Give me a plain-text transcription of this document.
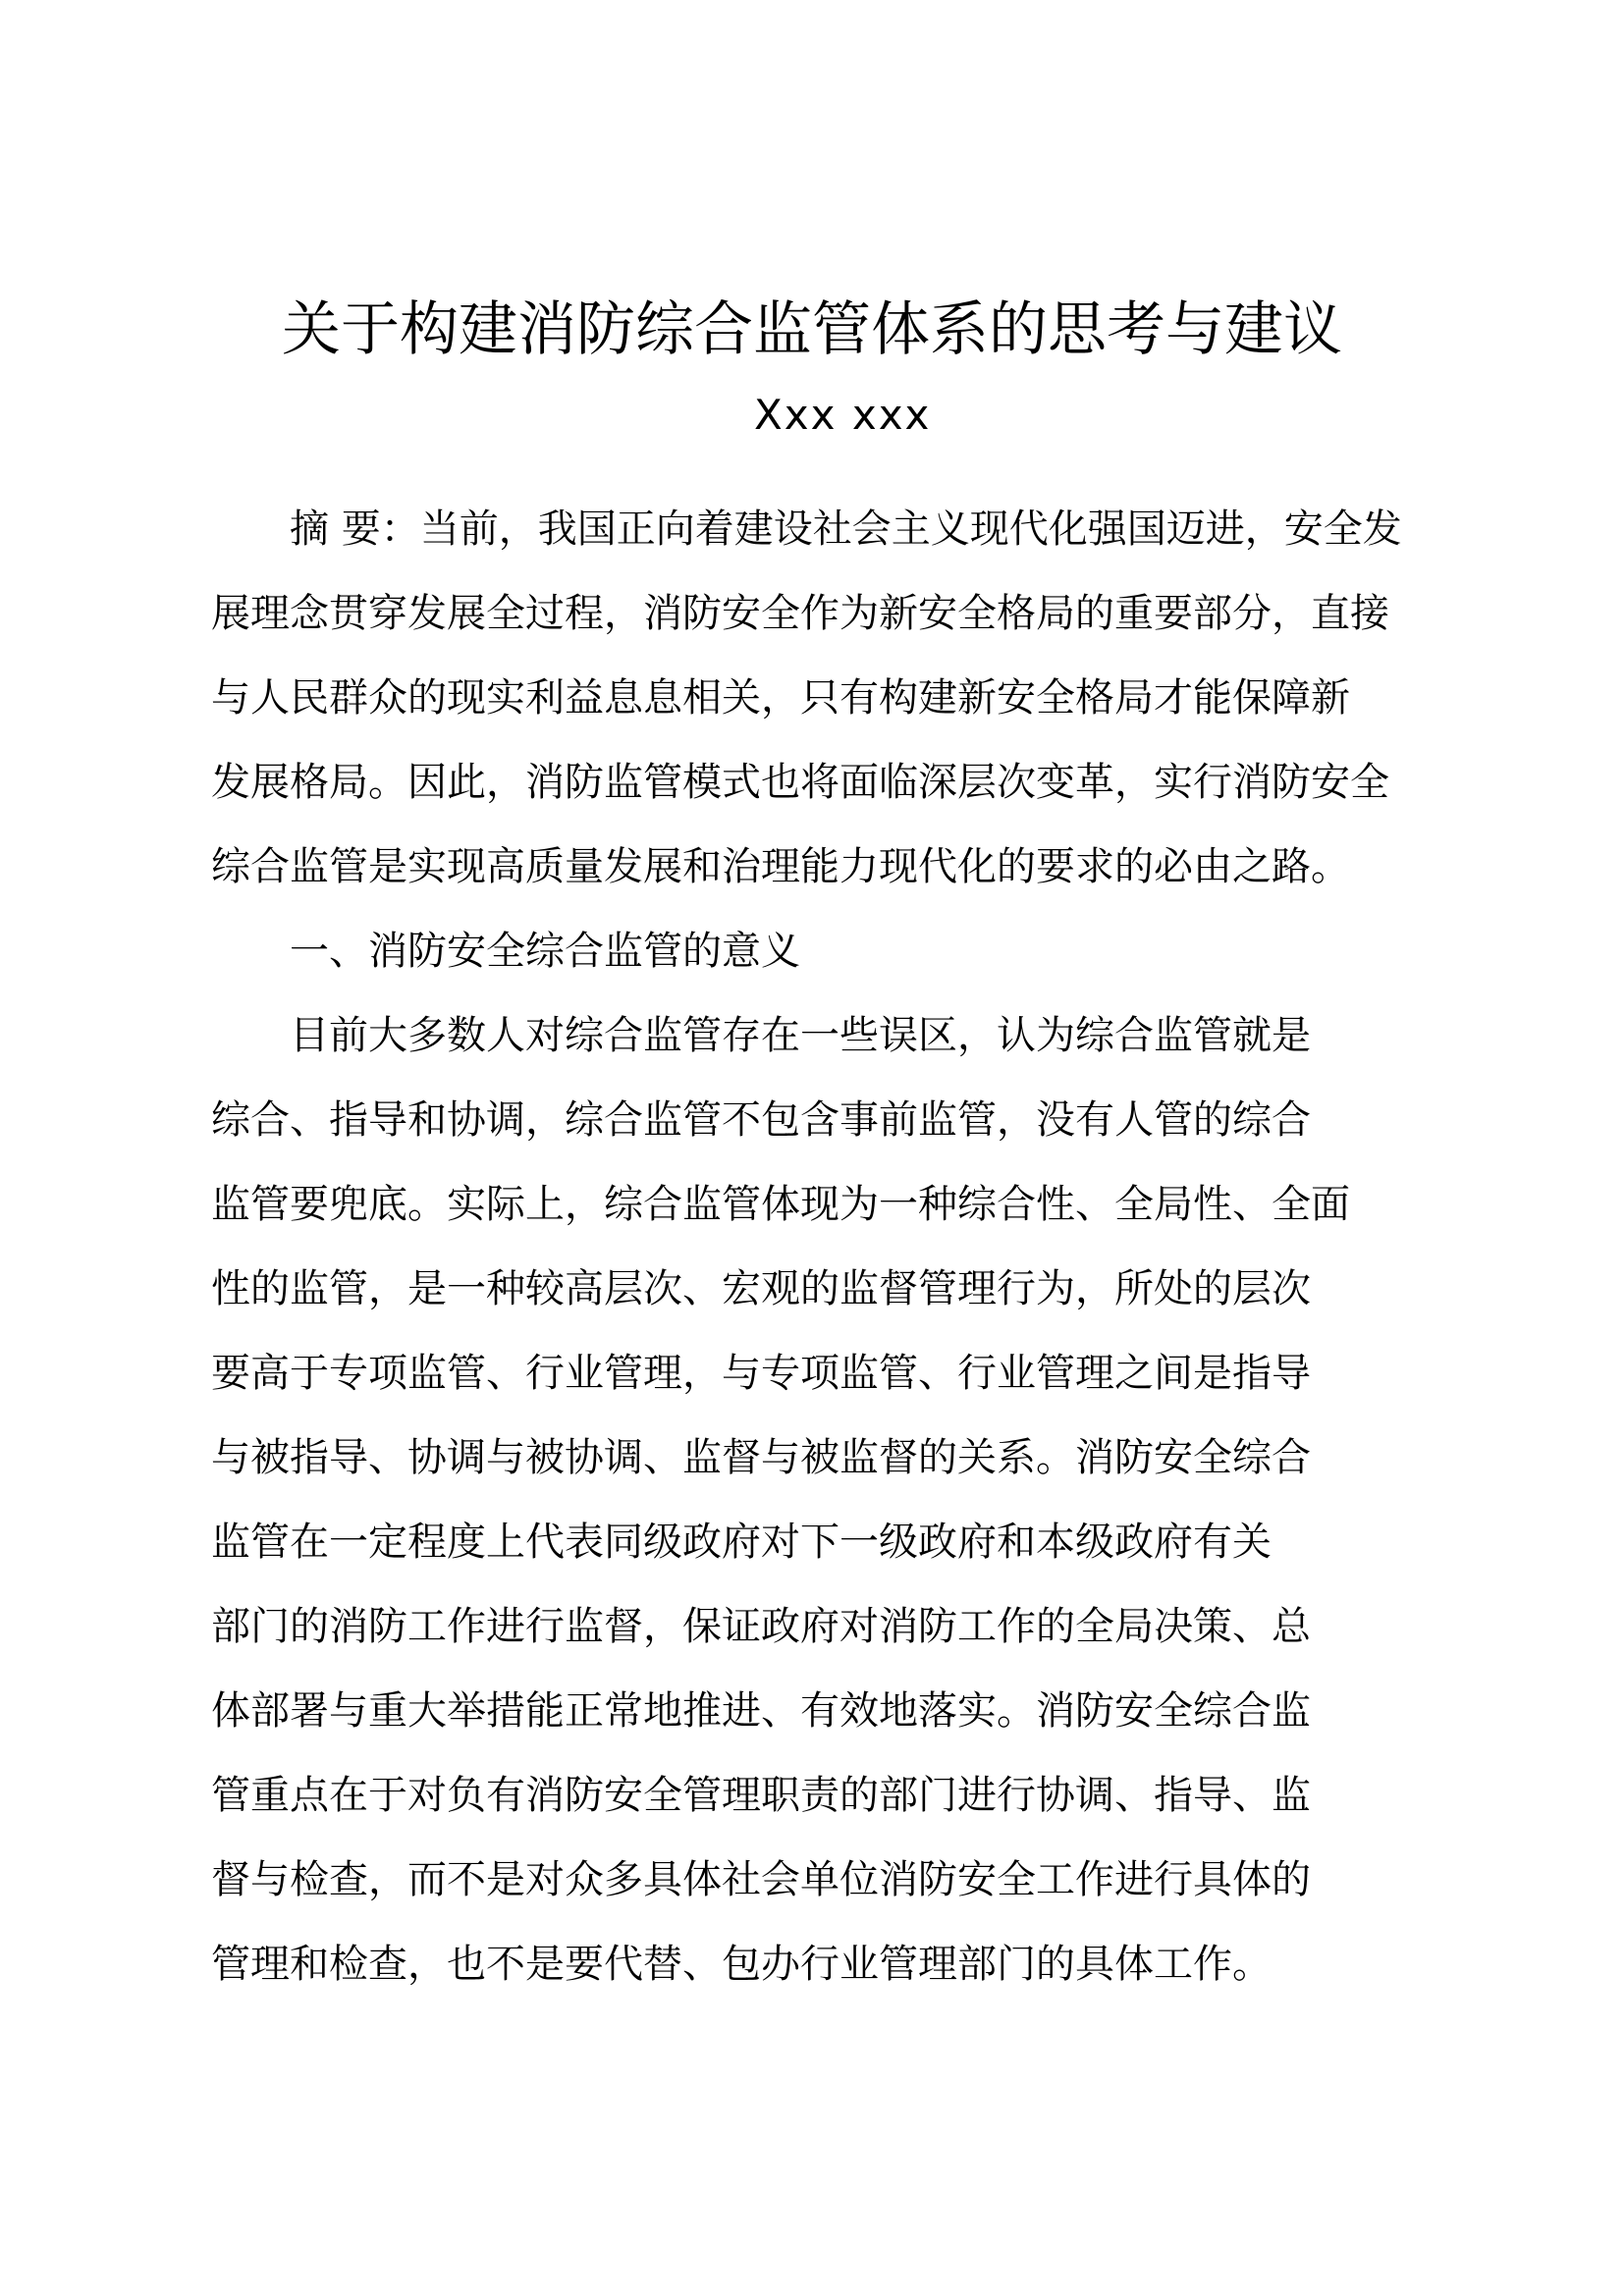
关于构建消防综合监管体系的思考与建议
Xxx xxx
摘 要：当前，我国正向着建设社会主义现代化强国迈进，安全发
展理念贯穿发展全过程，消防安全作为新安全格局的重要部分，直接
与人民群众的现实利益息息相关，只有构建新安全格局才能保障新
发展格局。因此，消防监管模式也将面临深层次变革，实行消防安全
综合监管是实现高质量发展和治理能力现代化的要求的必由之路。
一、消防安全综合监管的意义
目前大多数人对综合监管存在一些误区，认为综合监管就是
综合、指导和协调，综合监管不包含事前监管，没有人管的综合
监管要兜底。实际上，综合监管体现为一种综合性、全局性、全面
性的监管，是一种较高层次、宏观的监督管理行为，所处的层次
要高于专项监管、行业管理，与专项监管、行业管理之间是指导
与被指导、协调与被协调、监督与被监督的关系。消防安全综合
监管在一定程度上代表同级政府对下一级政府和本级政府有关
部门的消防工作进行监督，保证政府对消防工作的全局决策、总
体部署与重大举措能正常地推进、有效地落实。消防安全综合监
管重点在于对负有消防安全管理职责的部门进行协调、指导、监
督与检查，而不是对众多具体社会单位消防安全工作进行具体的
管理和检查，也不是要代替、包办行业管理部门的具体工作。
